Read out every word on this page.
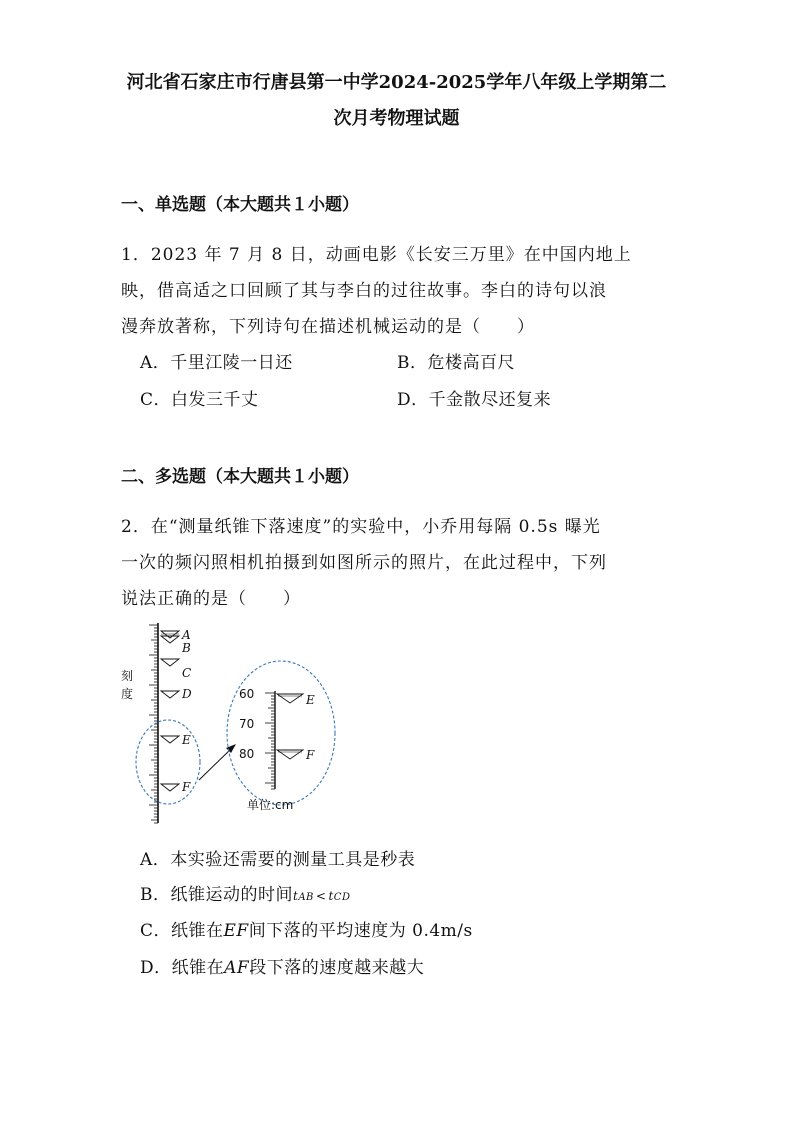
河北省石家庄市行唐县第一中学2024-2025学年八年级上学期第二
次月考物理试题
一、单选题（本大题共１小题）
1．2023 年 7 月 8 日，动画电影《长安三万里》在中国内地上
映，借高适之口回顾了其与李白的过往故事。李白的诗句以浪
漫奔放著称，下列诗句在描述机械运动的是（　　）
A．千里江陵一日还	B．危楼高百尺
C．白发三千丈	D．千金散尽还复来
二、多选题（本大题共１小题）
2．在“测量纸锥下落速度”的实验中，小乔用每隔 0.5s 曝光
一次的频闪照相机拍摄到如图所示的照片，在此过程中，下列
说法正确的是（　　）
刻
度
A
B
C
D
E
F
60
70
80
E
F
单位:cm
A．本实验还需要的测量工具是秒表
B．纸锥运动的时间tAB < tCD
C．纸锥在EF间下落的平均速度为 0.4m/s
D．纸锥在AF段下落的速度越来越大
